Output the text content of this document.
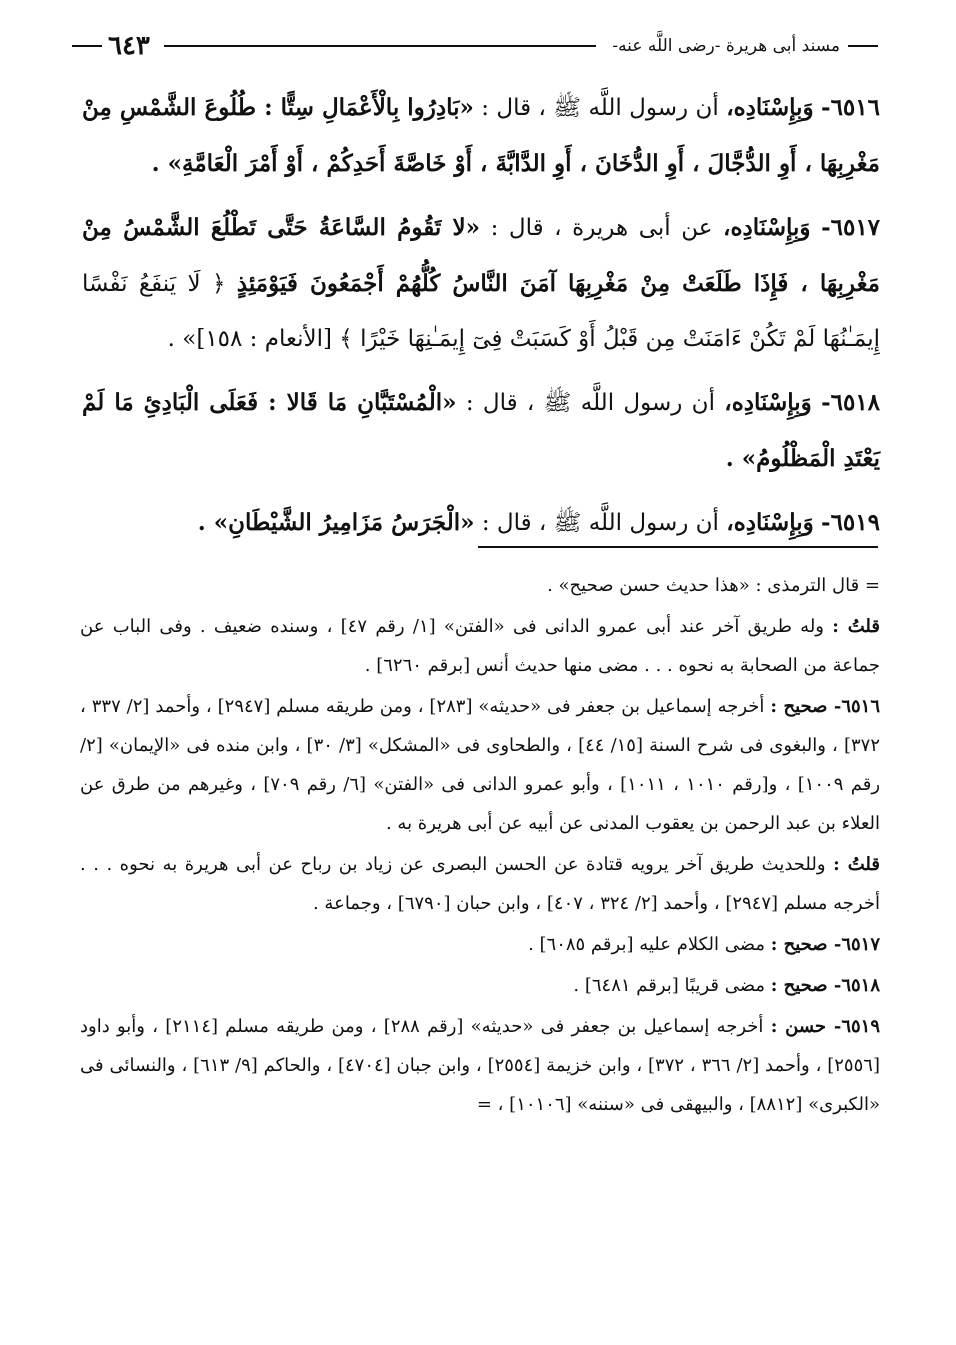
مسند أبى هريرة -رضى اللَّه عنه-
٦٤٣

٦٥١٦- وَبِإِسْنَادِه، أن رسول اللَّه ﷺ ، قال : «بَادِرُوا بِالْأَعْمَالِ سِتًّا : طُلُوعَ الشَّمْسِ مِنْ مَغْرِبِهَا ، أَوِ الدُّجَّالَ ، أَوِ الدُّخَانَ ، أَوِ الدَّابَّةَ ، أَوْ خَاصَّةَ أَحَدِكُمْ ، أَوْ أَمْرَ الْعَامَّةِ» .

٦٥١٧- وَبِإِسْنَادِه، عن أبى هريرة ، قال : «لا تَقُومُ السَّاعَةُ حَتَّى تَطْلُعَ الشَّمْسُ مِنْ مَغْرِبِهَا ، فَإِذَا طَلَعَتْ مِنْ مَغْرِبِهَا آمَنَ النَّاسُ كُلُّهُمْ أَجْمَعُونَ فَيَوْمَئِذٍ ﴿ لَا يَنفَعُ نَفْسًا إِيمَـٰنُهَا لَمْ تَكُنْ ءَامَنَتْ مِن قَبْلُ أَوْ كَسَبَتْ فِىٓ إِيمَـٰنِهَا خَيْرًا ﴾ [الأنعام : ١٥٨]» .

٦٥١٨- وَبِإِسْنَادِه، أن رسول اللَّه ﷺ ، قال : «الْمُسْتَبَّانِ مَا قَالا : فَعَلَى الْبَادِئِ مَا لَمْ يَعْتَدِ الْمَظْلُومُ» .

٦٥١٩- وَبِإِسْنَادِه، أن رسول اللَّه ﷺ ، قال : «الْجَرَسُ مَزَامِيرُ الشَّيْطَانِ» .

= قال الترمذى : «هذا حديث حسن صحيح» .

قلتُ : وله طريق آخر عند أبى عمرو الدانى فى «الفتن» [١/ رقم ٤٧] ، وسنده ضعيف . وفى الباب عن جماعة من الصحابة به نحوه . . . مضى منها حديث أنس [برقم ٦٢٦٠] .

٦٥١٦- صحيح : أخرجه إسماعيل بن جعفر فى «حديثه» [٢٨٣] ، ومن طريقه مسلم [٢٩٤٧] ، وأحمد [٢/ ٣٣٧ ، ٣٧٢] ، والبغوى فى شرح السنة [١٥/ ٤٤] ، والطحاوى فى «المشكل» [٣/ ٣٠] ، وابن منده فى «الإيمان» [٢/ رقم ١٠٠٩] ، و[رقم ١٠١٠ ، ١٠١١] ، وأبو عمرو الدانى فى «الفتن» [٦/ رقم ٧٠٩] ، وغيرهم من طرق عن العلاء بن عبد الرحمن بن يعقوب المدنى عن أبيه عن أبى هريرة به .

قلتُ : وللحديث طريق آخر يرويه قتادة عن الحسن البصرى عن زياد بن رباح عن أبى هريرة به نحوه . . . أخرجه مسلم [٢٩٤٧] ، وأحمد [٢/ ٣٢٤ ، ٤٠٧] ، وابن حبان [٦٧٩٠] ، وجماعة .

٦٥١٧- صحيح : مضى الكلام عليه [برقم ٦٠٨٥] .

٦٥١٨- صحيح : مضى قريبًا [برقم ٦٤٨١] .

٦٥١٩- حسن : أخرجه إسماعيل بن جعفر فى «حديثه» [رقم ٢٨٨] ، ومن طريقه مسلم [٢١١٤] ، وأبو داود [٢٥٥٦] ، وأحمد [٢/ ٣٦٦ ، ٣٧٢] ، وابن خزيمة [٢٥٥٤] ، وابن جبان [٤٧٠٤] ، والحاكم [٩/ ٦١٣] ، والنسائى فى «الكبرى» [٨٨١٢] ، والبيهقى فى «سننه» [١٠١٠٦] ، =
